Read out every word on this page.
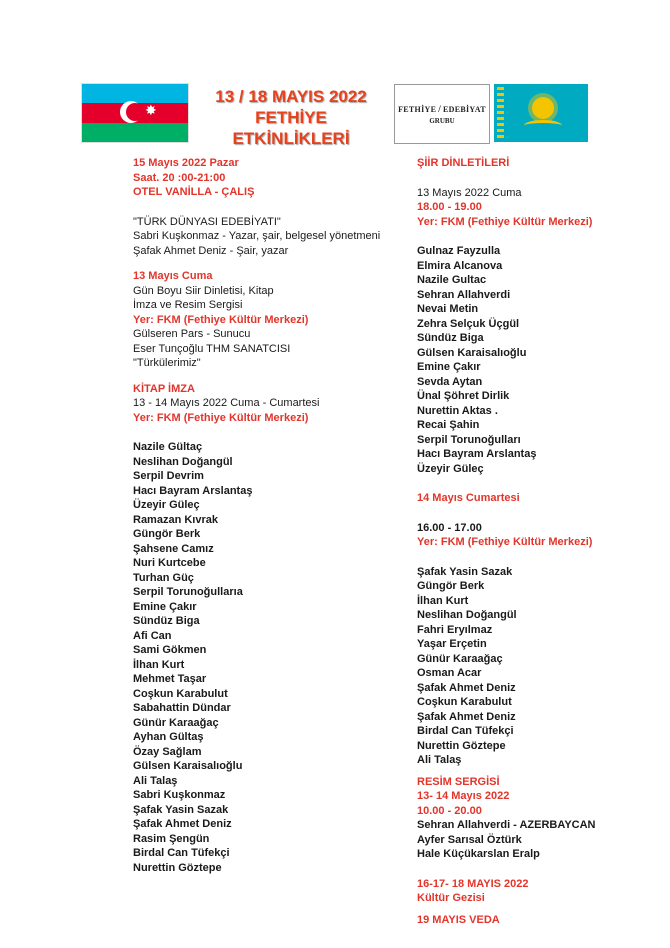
✸
13 / 18 MAYIS 2022
FETHİYE ETKİNLİKLERİ
FETHİYE / EDEBİYAT
GRUBU
15 Mayıs 2022 Pazar
Saat. 20 :00-21:00
OTEL VANİLLA - ÇALIŞ
"TÜRK DÜNYASI EDEBİYATI"
Sabri Kuşkonmaz - Yazar, şair, belgesel yönetmeni
Şafak Ahmet Deniz - Şair, yazar
13 Mayıs Cuma
Gün Boyu Siir Dinletisi, Kitap
İmza ve Resim Sergisi
Yer: FKM (Fethiye Kültür Merkezi)
Gülseren Pars - Sunucu
Eser Tunçoğlu THM SANATCISI
"Türkülerimiz"
KİTAP İMZA
13 - 14 Mayıs 2022 Cuma - Cumartesi
Yer: FKM (Fethiye Kültür Merkezi)
Nazile Gültaç
Neslihan Doğangül
Serpil Devrim
Hacı Bayram Arslantaş
Üzeyir Güleç
Ramazan Kıvrak
Güngör Berk
Şahsene Camız
Nuri Kurtcebe
Turhan Güç
Serpil Torunoğullarıa
Emine Çakır
Sündüz Biga
Afi Can
Sami Gökmen
İlhan Kurt
Mehmet Taşar
Coşkun Karabulut
Sabahattin Dündar
Günür Karaağaç
Ayhan Gültaş
Özay Sağlam
Gülsen Karaisalıoğlu
Ali Talaş
Sabri Kuşkonmaz
Şafak Yasin Sazak
Şafak Ahmet Deniz
Rasim Şengün
Birdal Can Tüfekçi
Nurettin Göztepe
ŞİİR DİNLETİLERİ
13 Mayıs 2022 Cuma
18.00 - 19.00
Yer: FKM (Fethiye Kültür Merkezi)
Gulnaz Fayzulla
Elmira Alcanova
Nazile Gultac
Sehran Allahverdi
Nevai Metin
Zehra Selçuk Üçgül
Sündüz Biga
Gülsen Karaisalıoğlu
Emine Çakır
Sevda Aytan
Ünal Şöhret Dirlik
Nurettin Aktas .
Recai Şahin
Serpil Torunoğulları
Hacı Bayram Arslantaş
Üzeyir Güleç
14 Mayıs Cumartesi
16.00 - 17.00
Yer: FKM (Fethiye Kültür Merkezi)
Şafak Yasin Sazak
Güngör Berk
İlhan Kurt
Neslihan Doğangül
Fahri Eryılmaz
Yaşar Erçetin
Günür Karaağaç
Osman Acar
Şafak Ahmet Deniz
Coşkun Karabulut
Şafak Ahmet Deniz
Birdal Can Tüfekçi
Nurettin Göztepe
Ali Talaş
RESİM SERGİSİ
13- 14 Mayıs 2022
10.00 - 20.00
Sehran Allahverdi - AZERBAYCAN
Ayfer Sarısal Öztürk
Hale Küçükarslan Eralp
16-17- 18 MAYIS 2022
Kültür Gezisi
19 MAYIS VEDA
